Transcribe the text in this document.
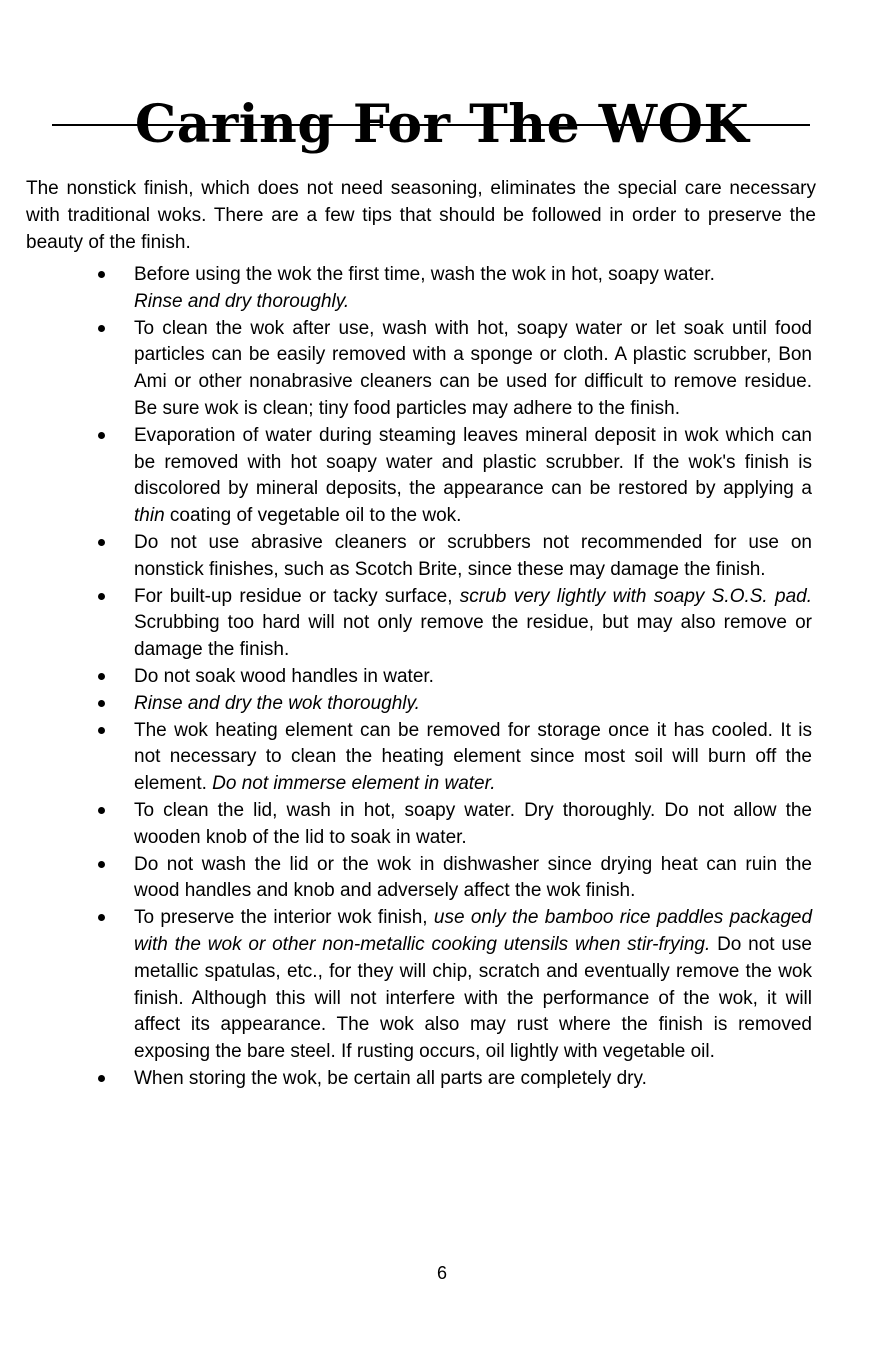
Caring For The WOK

The nonstick finish, which does not need seasoning, eliminates the special care necessary with traditional woks. There are a few tips that should be followed in order to preserve the beauty of the finish.

Before using the wok the first time, wash the wok in hot, soapy water.
Rinse and dry thoroughly.
To clean the wok after use, wash with hot, soapy water or let soak until food particles can be easily removed with a sponge or cloth. A plastic scrubber, Bon Ami or other nonabrasive cleaners can be used for difficult to remove residue. Be sure wok is clean; tiny food particles may adhere to the finish.
Evaporation of water during steaming leaves mineral deposit in wok which can be removed with hot soapy water and plastic scrubber. If the wok's finish is discolored by mineral deposits, the appearance can be restored by applying a thin coating of vegetable oil to the wok.
Do not use abrasive cleaners or scrubbers not recommended for use on nonstick finishes, such as Scotch Brite, since these may damage the finish.
For built-up residue or tacky surface, scrub very lightly with soapy S.O.S. pad. Scrubbing too hard will not only remove the residue, but may also remove or damage the finish.
Do not soak wood handles in water.
Rinse and dry the wok thoroughly.
The wok heating element can be removed for storage once it has cooled. It is not necessary to clean the heating element since most soil will burn off the element. Do not immerse element in water.
To clean the lid, wash in hot, soapy water. Dry thoroughly. Do not allow the wooden knob of the lid to soak in water.
Do not wash the lid or the wok in dishwasher since drying heat can ruin the wood handles and knob and adversely affect the wok finish.
To preserve the interior wok finish, use only the bamboo rice paddles packaged with the wok or other non-metallic cooking utensils when stir-frying. Do not use metallic spatulas, etc., for they will chip, scratch and eventually remove the wok finish. Although this will not interfere with the performance of the wok, it will affect its appearance. The wok also may rust where the finish is removed exposing the bare steel. If rusting occurs, oil lightly with vegetable oil.
When storing the wok, be certain all parts are completely dry.
6
